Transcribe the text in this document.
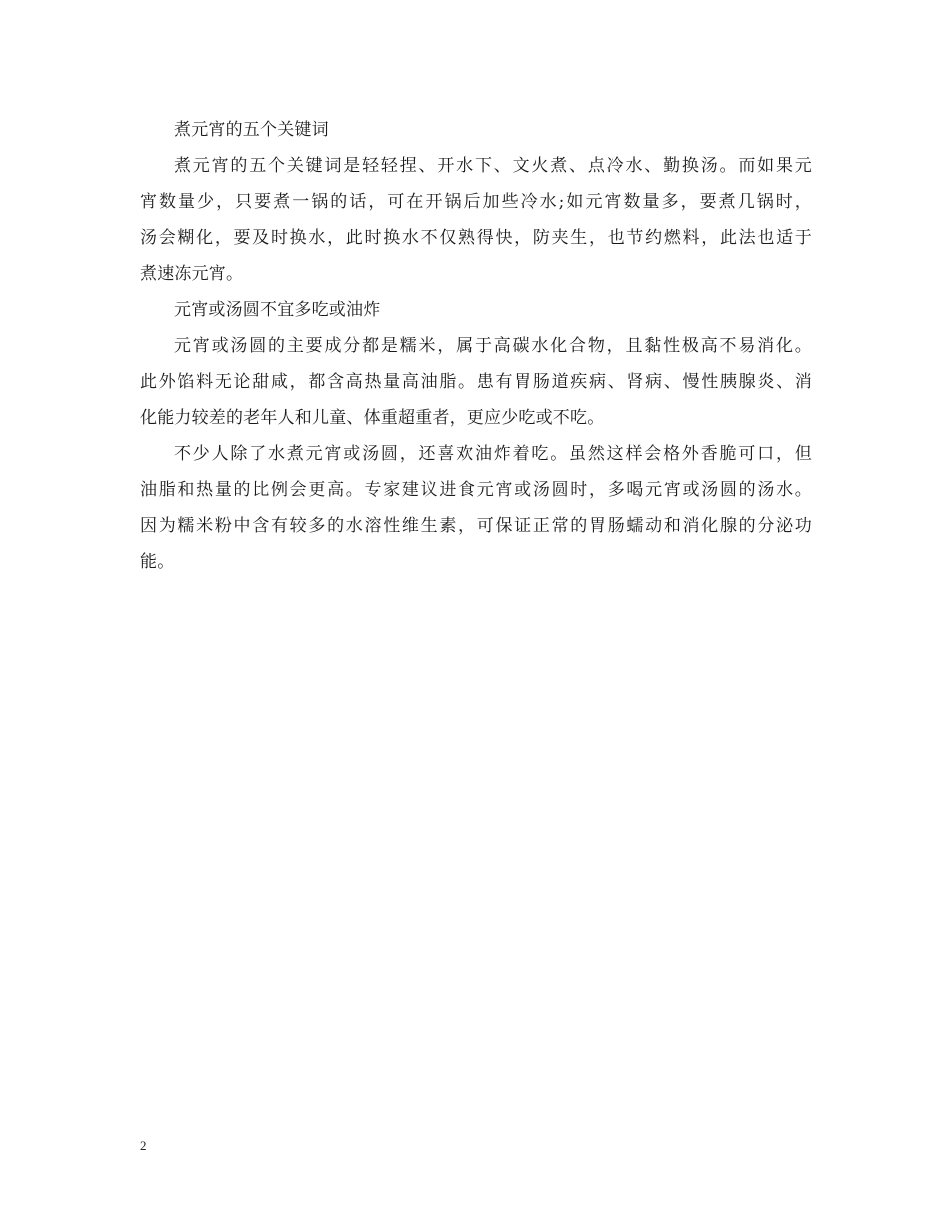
煮元宵的五个关键词
煮元宵的五个关键词是轻轻捏、开水下、文火煮、点冷水、勤换汤。而如果元
宵数量少，只要煮一锅的话，可在开锅后加些冷水;如元宵数量多，要煮几锅时，
汤会糊化，要及时换水，此时换水不仅熟得快，防夹生，也节约燃料，此法也适于
煮速冻元宵。
元宵或汤圆不宜多吃或油炸
元宵或汤圆的主要成分都是糯米，属于高碳水化合物，且黏性极高不易消化。
此外馅料无论甜咸，都含高热量高油脂。患有胃肠道疾病、肾病、慢性胰腺炎、消
化能力较差的老年人和儿童、体重超重者，更应少吃或不吃。
不少人除了水煮元宵或汤圆，还喜欢油炸着吃。虽然这样会格外香脆可口，但
油脂和热量的比例会更高。专家建议进食元宵或汤圆时，多喝元宵或汤圆的汤水。
因为糯米粉中含有较多的水溶性维生素，可保证正常的胃肠蠕动和消化腺的分泌功
能。
2
